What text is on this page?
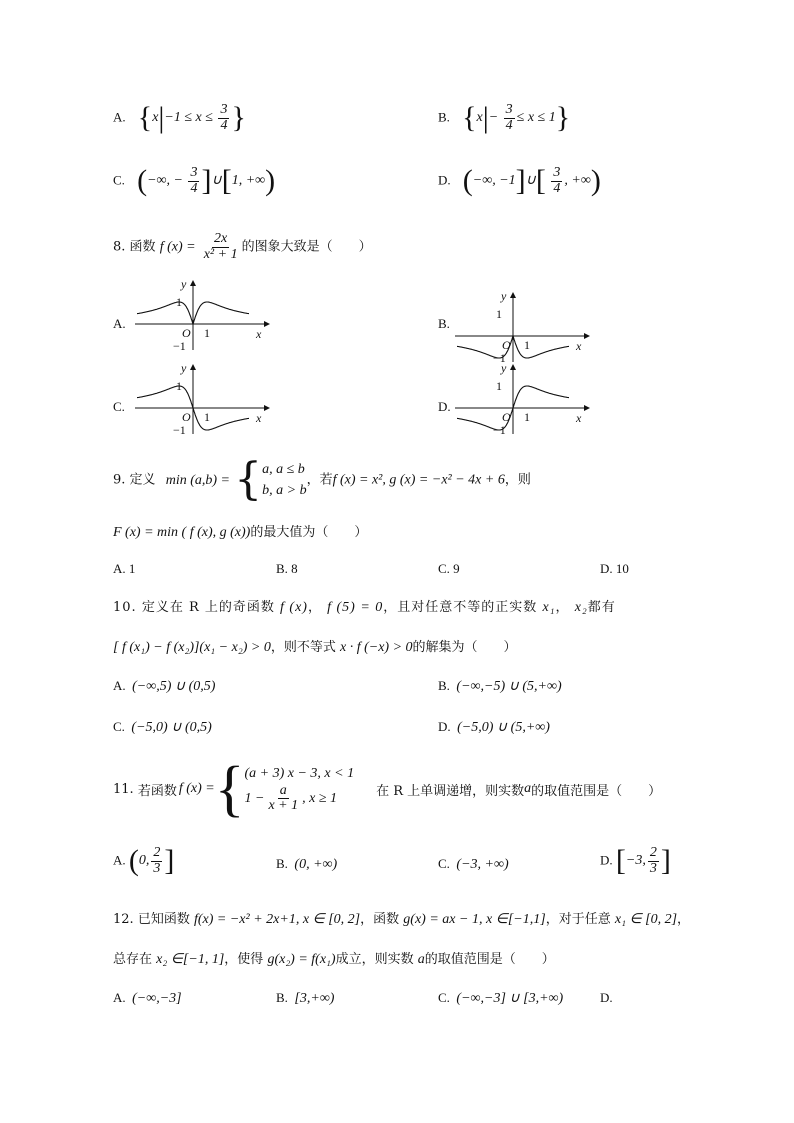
A. {$x|-1 \le x \le \frac{3}{4}$ }	B. $\{x|- \frac{3}{4} \le x \le 1\}$
C. (−∞, − $\frac{3}{4}$ ]∪[1, +∞)	D. (−∞, −1]∪[ $\frac{3}{4}$ , +∞)
8. 函数 f $(x) = \frac{2x}{\text{x² + 1}}$ 的图象大致是（　　）
A.	B.
C.	D.
y
x
O 1
1
−1
y
x
O 1
1
−1
y
x
O 1
1
−1
y
x
O 1
1
−1
9. 定义 min (a,b) = { a, a ≤ b
b, a > b
，若f (x) = x², g (x) = −x² − 4x + 6，则
F (x) = min ( f (x), g (x))的最大值为（　　）
A. 1	B. 8	C. 9	D. 10
10. 定义在 R 上的奇函数 f (x)， f (5) = 0，且对任意不等的正实数 x₁， x₂都有
[ f (x₁) − f (x₂)](x₁ − x₂) > 0，则不等式 x · f (−x) > 0的解集为（　　）
A. (−∞,5) ∪ (0,5)	B. (−∞,−5) ∪ (5,+∞)
C. (−5,0) ∪ (0,5)	D. (−5,0) ∪ (5,+∞)
11.
若函数 f (x) = { (a + 3) x − 3, x < 1
$1 - \frac{a}{x + 1}$ , x ≥ 1	在 R 上单调递增，则实数 a 的取值范围是（　　）
A. (0, $\frac{2}{3}$ ]	B. (0, +∞)	C. (−3, +∞)	D. [−3, $\frac{2}{3}$ ]
12. 已知函数 f(x) = −x² + 2x+1, x ∈ [0, 2]，函数 g(x) = ax − 1, x ∈[−1,1]，对于任意 x₁ ∈ [0, 2]，
总存在 x₂ ∈[−1, 1]，使得 g(x₂) = f(x₁)成立，则实数 a的取值范围是（　　）
A. (−∞,−3]	B. [3,+∞)	C. (−∞,−3] ∪ [3,+∞)	D.
